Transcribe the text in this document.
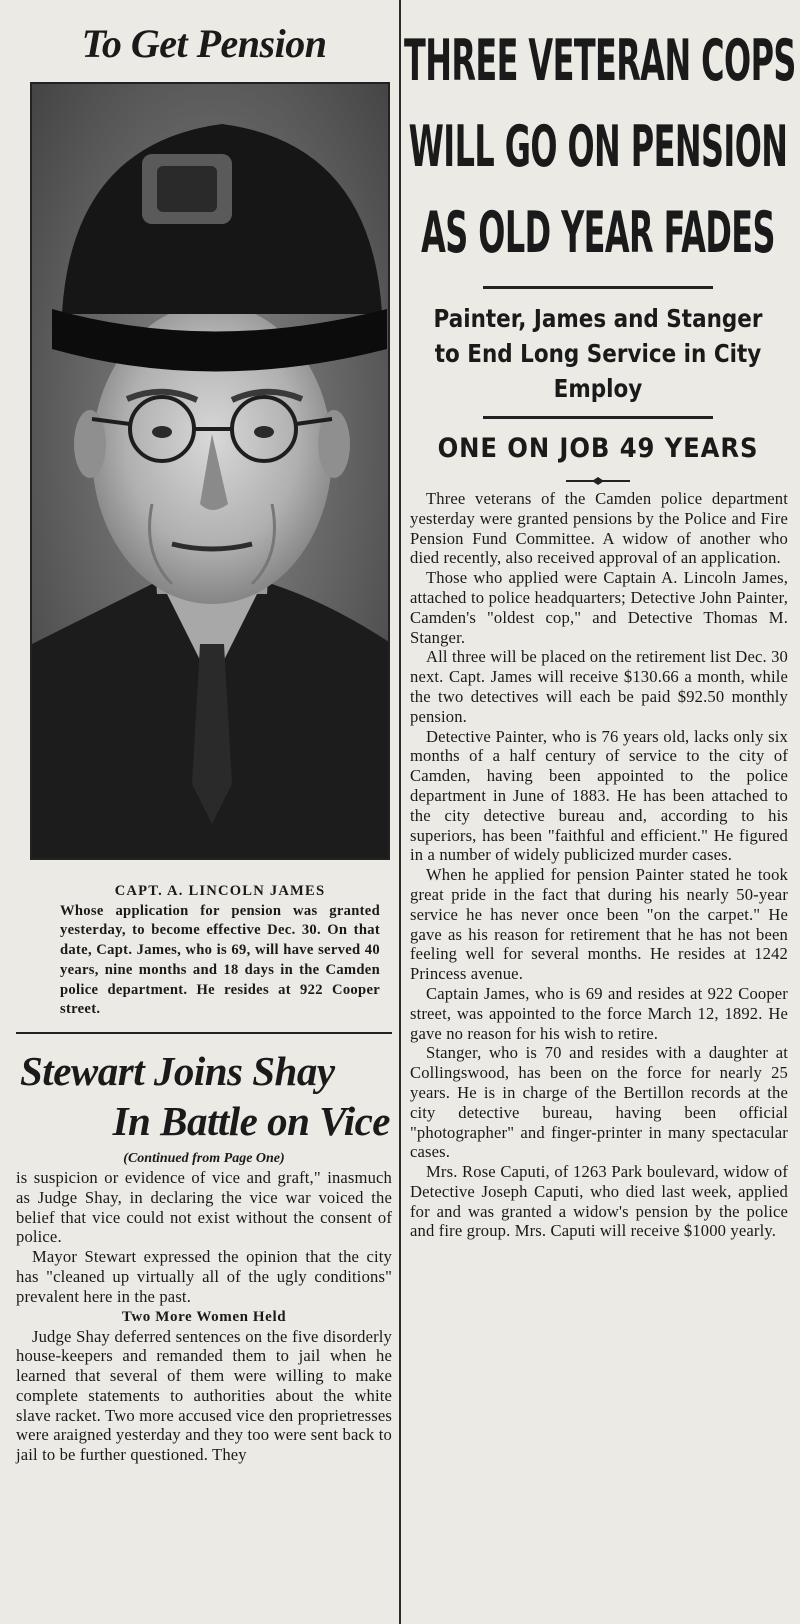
To Get Pension
CAPT. A. LINCOLN JAMES
Whose application for pension was granted yesterday, to become effective Dec. 30. On that date, Capt. James, who is 69, will have served 40 years, nine months and 18 days in the Camden police department. He resides at 922 Cooper street.
Stewart Joins Shay
In Battle on Vice
(Continued from Page One)

is suspicion or evidence of vice and graft," inasmuch as Judge Shay, in declaring the vice war voiced the belief that vice could not exist without the consent of police.

Mayor Stewart expressed the opinion that the city has "cleaned up virtually all of the ugly conditions" prevalent here in the past.

Two More Women Held

Judge Shay deferred sentences on the five disorderly house-keepers and remanded them to jail when he learned that several of them were willing to make complete statements to authorities about the white slave racket. Two more accused vice den proprietresses were araigned yesterday and they too were sent back to jail to be further questioned. They

THREE VETERAN COPS
WILL GO ON PENSION
AS OLD YEAR FADES
Painter, James and Stanger to End Long Service in City Employ
ONE ON JOB 49 YEARS

Three veterans of the Camden police department yesterday were granted pensions by the Police and Fire Pension Fund Committee. A widow of another who died recently, also received approval of an application.

Those who applied were Captain A. Lincoln James, attached to police headquarters; Detective John Painter, Camden's "oldest cop," and Detective Thomas M. Stanger.

All three will be placed on the retirement list Dec. 30 next. Capt. James will receive $130.66 a month, while the two detectives will each be paid $92.50 monthly pension.

Detective Painter, who is 76 years old, lacks only six months of a half century of service to the city of Camden, having been appointed to the police department in June of 1883. He has been attached to the city detective bureau and, according to his superiors, has been "faithful and efficient." He figured in a number of widely publicized murder cases.

When he applied for pension Painter stated he took great pride in the fact that during his nearly 50-year service he has never once been "on the carpet." He gave as his reason for retirement that he has not been feeling well for several months. He resides at 1242 Princess avenue.

Captain James, who is 69 and resides at 922 Cooper street, was appointed to the force March 12, 1892. He gave no reason for his wish to retire.

Stanger, who is 70 and resides with a daughter at Collingswood, has been on the force for nearly 25 years. He is in charge of the Bertillon records at the city detective bureau, having been official "photographer" and finger-printer in many spectacular cases.

Mrs. Rose Caputi, of 1263 Park boulevard, widow of Detective Joseph Caputi, who died last week, applied for and was granted a widow's pension by the police and fire group. Mrs. Caputi will receive $1000 yearly.
